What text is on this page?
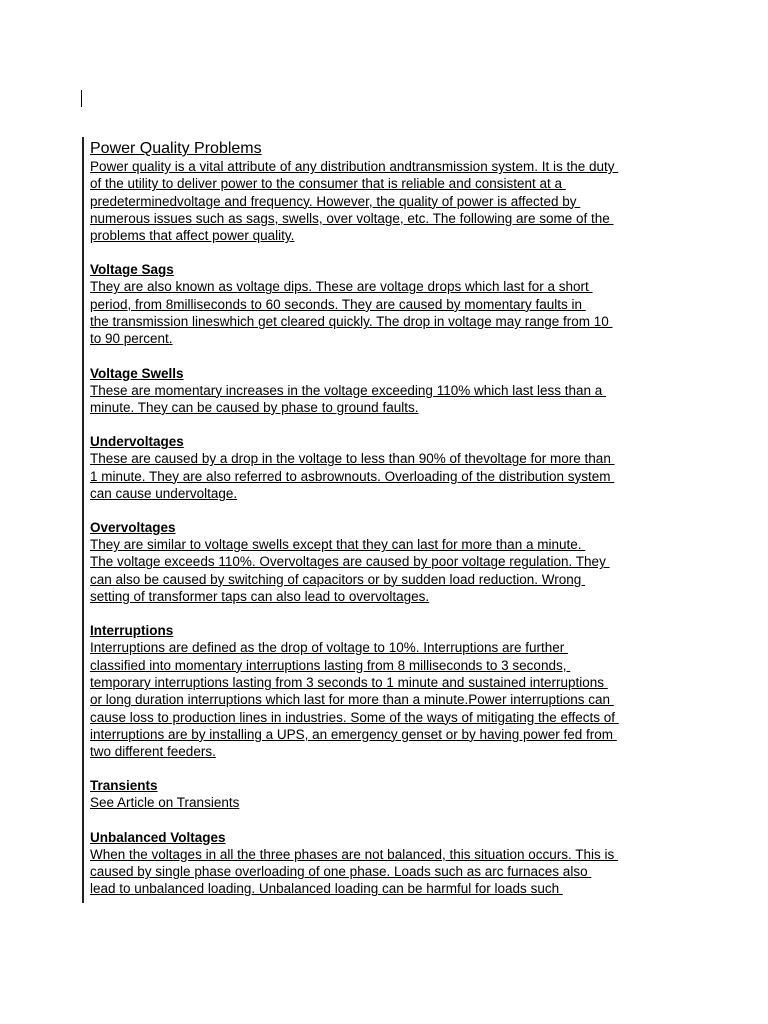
Power Quality Problems
Power quality is a vital attribute of any distribution andtransmission system. It is the duty
of the utility to deliver power to the consumer that is reliable and consistent at a
predeterminedvoltage and frequency. However, the quality of power is affected by
numerous issues such as sags, swells, over voltage, etc. The following are some of the
problems that affect power quality.
Voltage Sags
They are also known as voltage dips. These are voltage drops which last for a short
period, from 8milliseconds to 60 seconds. They are caused by momentary faults in
the transmission lineswhich get cleared quickly. The drop in voltage may range from 10
to 90 percent.
Voltage Swells
These are momentary increases in the voltage exceeding 110% which last less than a
minute. They can be caused by phase to ground faults.
Undervoltages
These are caused by a drop in the voltage to less than 90% of thevoltage for more than
1 minute. They are also referred to asbrownouts. Overloading of the distribution system
can cause undervoltage.
Overvoltages
They are similar to voltage swells except that they can last for more than a minute.
The voltage exceeds 110%. Overvoltages are caused by poor voltage regulation. They
can also be caused by switching of capacitors or by sudden load reduction. Wrong
setting of transformer taps can also lead to overvoltages.
Interruptions
Interruptions are defined as the drop of voltage to 10%. Interruptions are further
classified into momentary interruptions lasting from 8 milliseconds to 3 seconds,
temporary interruptions lasting from 3 seconds to 1 minute and sustained interruptions
or long duration interruptions which last for more than a minute.Power interruptions can
cause loss to production lines in industries. Some of the ways of mitigating the effects of
interruptions are by installing a UPS, an emergency genset or by having power fed from
two different feeders.
Transients
See Article on Transients
Unbalanced Voltages
When the voltages in all the three phases are not balanced, this situation occurs. This is
caused by single phase overloading of one phase. Loads such as arc furnaces also
lead to unbalanced loading. Unbalanced loading can be harmful for loads such
